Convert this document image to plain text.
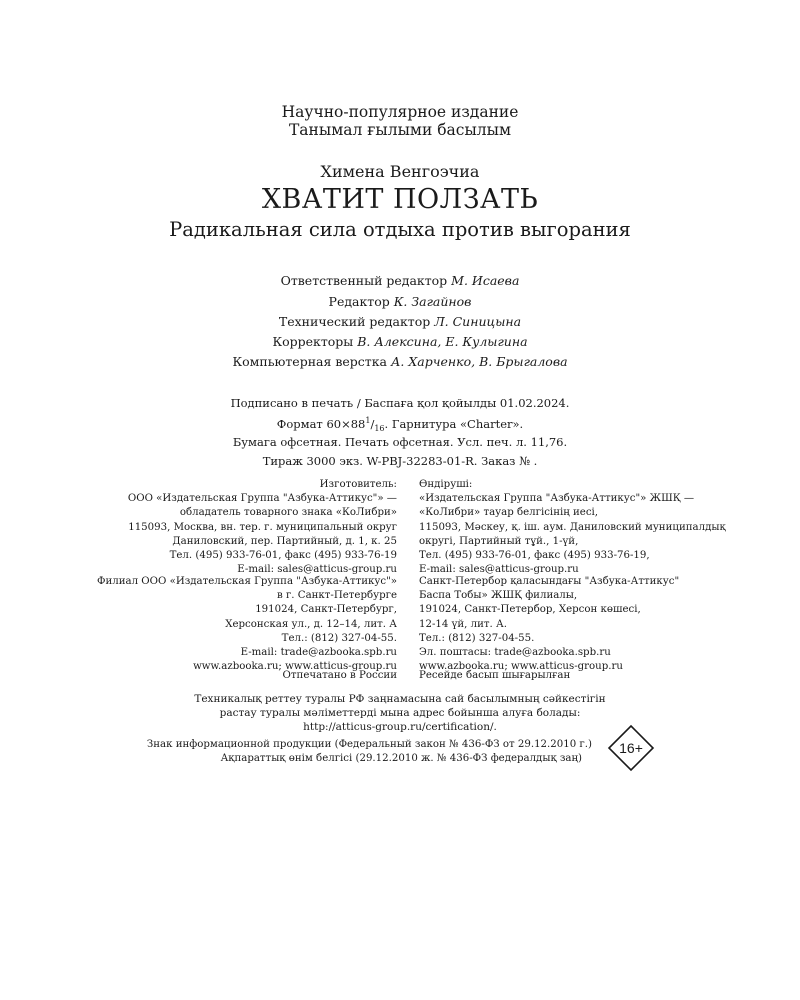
Научно-популярное издание
Танымал ғылыми басылым
Химена Венгоэчиа
ХВАТИТ ПОЛЗАТЬ
Радикальная сила отдыха против выгорания
Ответственный редактор М. Исаева
Редактор К. Загайнов
Технический редактор Л. Синицына
Корректоры В. Алексина, Е. Кулыгина
Компьютерная верстка А. Харченко, В. Брыгалова
Подписано в печать / Баспаға қол қойылды 01.02.2024.
Формат $60\times 88^1/_{16}$. Гарнитура «Charter».
Бумага офсетная. Печать офсетная. Усл. печ. л. 11,76.
Тираж 3000 экз. W-PBJ-32283-01-R. Заказ № .
Изготовитель:
ООО «Издательская Группа "Азбука-Аттикус"» —
обладатель товарного знака «КоЛибри»
115093, Москва, вн. тер. г. муниципальный округ
Даниловский, пер. Партийный, д. 1, к. 25
Тел. (495) 933-76-01, факс (495) 933-76-19
E-mail: sales@atticus-group.ru
Өндіруші:
«Издательская Группа "Азбука-Аттикус"» ЖШҚ —
«КоЛибри» тауар белгісінің иесі,
115093, Мәскеу, қ. іш. аум. Даниловский муниципалдық
округі, Партийный тұй., 1-үй,
Тел. (495) 933-76-01, факс (495) 933-76-19,
E-mail: sales@atticus-group.ru
Филиал ООО «Издательская Группа "Азбука-Аттикус"»
в г. Санкт-Петербурге
191024, Санкт-Петербург,
Херсонская ул., д. 12–14, лит. А
Тел.: (812) 327-04-55.
E-mail: trade@azbooka.spb.ru
www.azbooka.ru; www.atticus-group.ru
Санкт-Петербор қаласындағы "Азбука-Аттикус"
Баспа Тобы» ЖШҚ филиалы,
191024, Санкт-Петербор, Херсон көшесі,
12-14 үй, лит. А.
Тел.: (812) 327-04-55.
Эл. поштасы: trade@azbooka.spb.ru
www.azbooka.ru; www.atticus-group.ru
Отпечатано в России Ресейде басып шығарылған
Техникалық реттеу туралы РФ заңнамасына сай басылымның сәйкестігін
растау туралы мәліметтерді мына адрес бойынша алуға болады:
http://atticus-group.ru/certification/.
Знак информационной продукции (Федеральный закон № 436-ФЗ от 29.12.2010 г.)
Ақпараттық өнім белгісі (29.12.2010 ж. № 436-ФЗ федералдық заң)
16+
